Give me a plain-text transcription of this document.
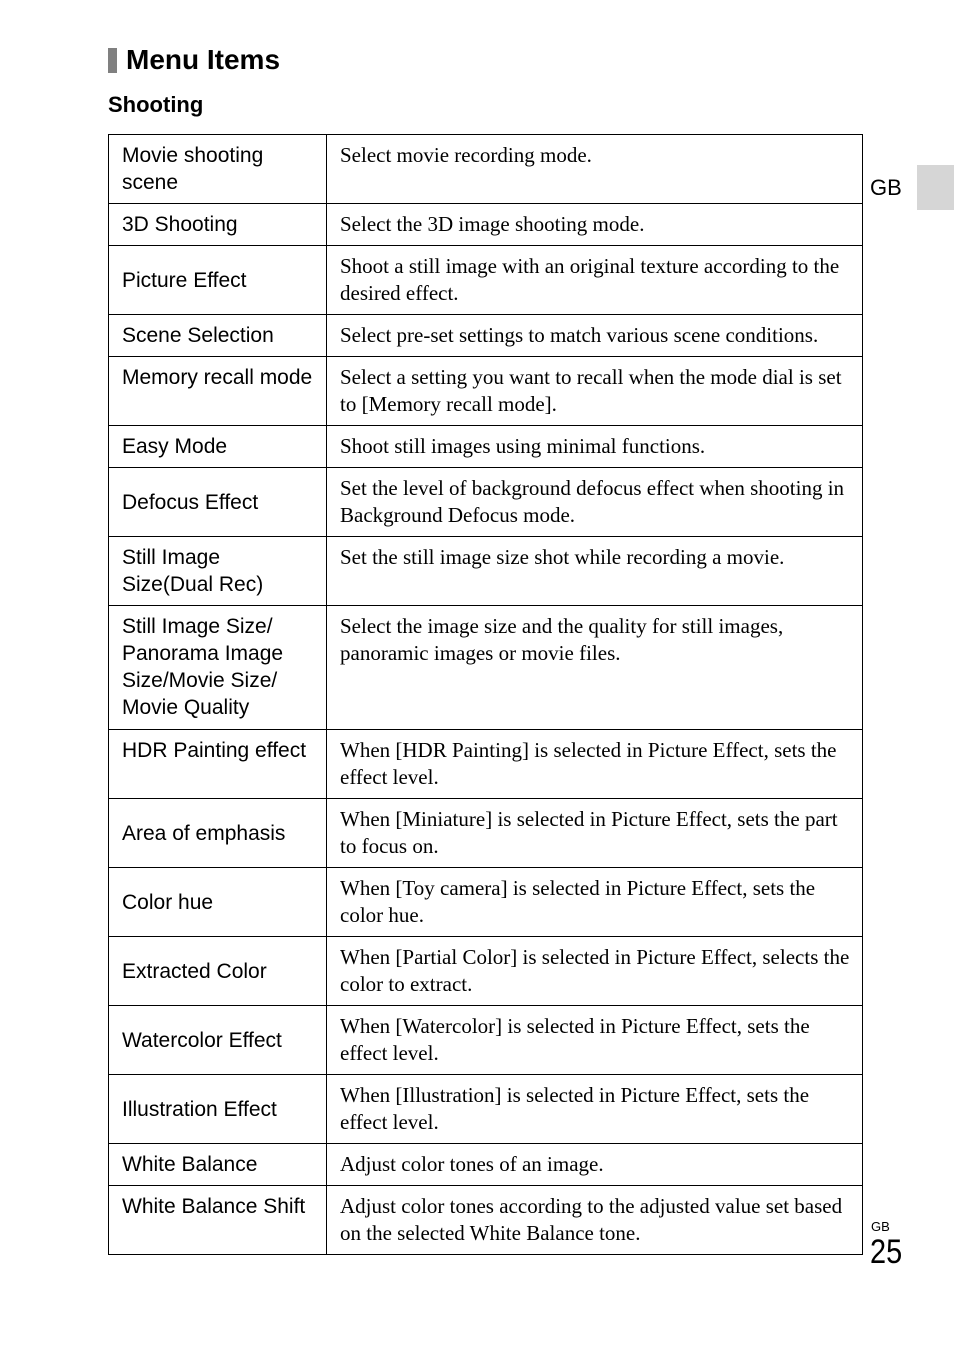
Menu Items
Shooting
GB
Movie shooting scene	Select movie recording mode.

3D Shooting	Select the 3D image shooting mode.

Picture Effect	Shoot a still image with an original texture according to the desired effect.

Scene Selection	Select pre-set settings to match various scene conditions.

Memory recall mode	Select a setting you want to recall when the mode dial is set to [Memory recall mode].

Easy Mode	Shoot still images using minimal functions.

Defocus Effect	Set the level of background defocus effect when shooting in Background Defocus mode.

Still Image Size(Dual Rec)	Set the still image size shot while recording a movie.

Still Image Size/ Panorama Image Size/Movie Size/ Movie Quality	Select the image size and the quality for still images, panoramic images or movie files.

HDR Painting effect	When [HDR Painting] is selected in Picture Effect, sets the effect level.

Area of emphasis	When [Miniature] is selected in Picture Effect, sets the part to focus on.

Color hue	When [Toy camera] is selected in Picture Effect, sets the color hue.

Extracted Color	When [Partial Color] is selected in Picture Effect, selects the color to extract.

Watercolor Effect	When [Watercolor] is selected in Picture Effect, sets the effect level.

Illustration Effect	When [Illustration] is selected in Picture Effect, sets the effect level.

White Balance	Adjust color tones of an image.

White Balance Shift	Adjust color tones according to the adjusted value set based on the selected White Balance tone.	GB
25
